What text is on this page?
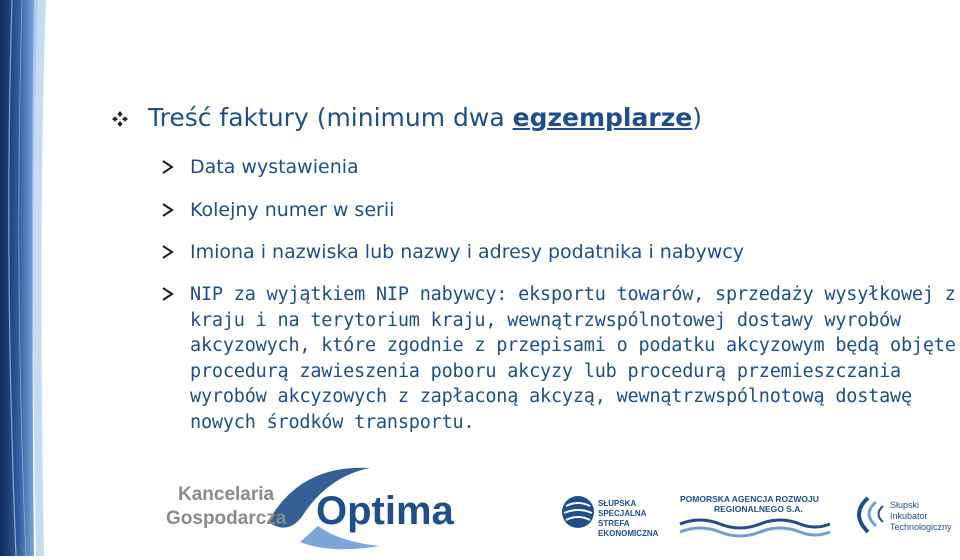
Treść faktury (minimum dwa egzemplarze)
Data wystawienia
Kolejny numer w serii
Imiona i nazwiska lub nazwy i adresy podatnika i nabywcy
NIP za wyjątkiem NIP nabywcy: eksportu towarów, sprzedaży wysyłkowej z kraju i na terytorium kraju, wewnątrzwspólnotowej dostawy wyrobów akcyzowych, które zgodnie z przepisami o podatku akcyzowym będą objęte procedurą zawieszenia poboru akcyzy lub procedurą przemieszczania wyrobów akcyzowych z zapłaconą akcyzą, wewnątrzwspólnotową dostawę nowych środków transportu.
Kancelaria
Gospodarcza Optima	SŁUPSKA
SPECJALNA
STREFA
EKONOMICZNA
POMORSKA AGENCJA ROZWOJU
REGIONALNEGO S.A.	Słupski
Inkubator
Technologiczny
